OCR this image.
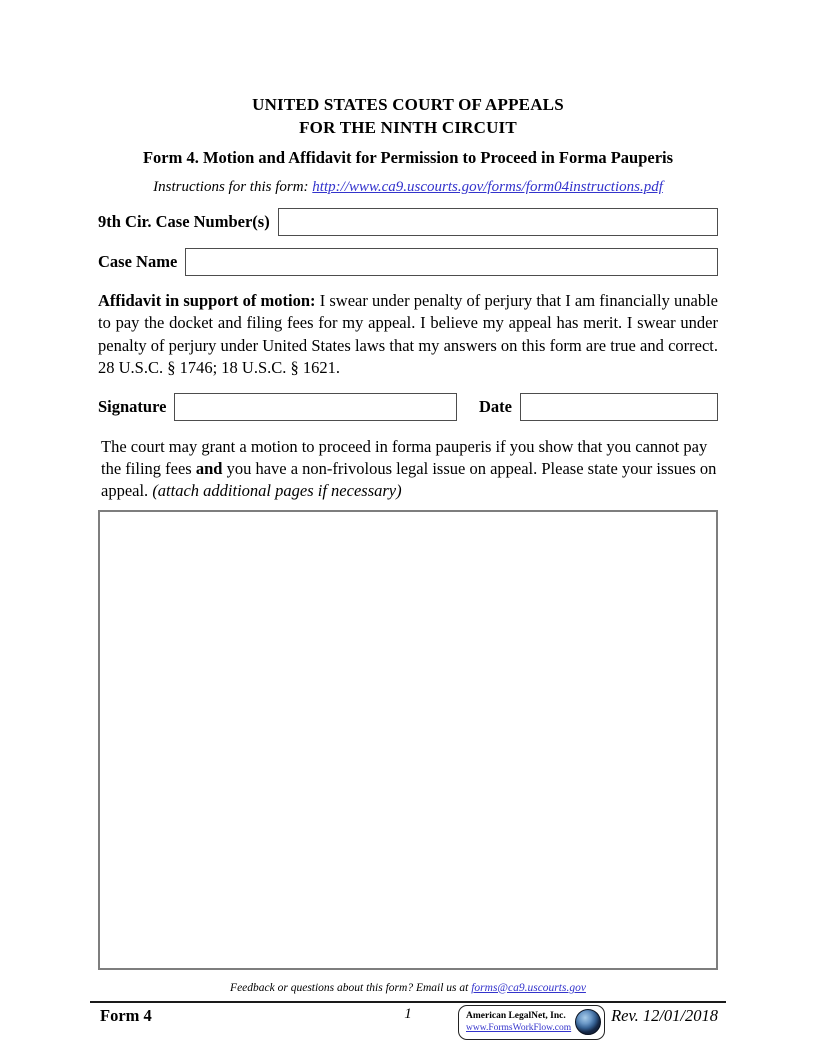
UNITED STATES COURT OF APPEALS
FOR THE NINTH CIRCUIT
Form 4. Motion and Affidavit for Permission to Proceed in Forma Pauperis
Instructions for this form: http://www.ca9.uscourts.gov/forms/form04instructions.pdf
9th Cir. Case Number(s)
Case Name

Affidavit in support of motion: I swear under penalty of perjury that I am financially unable to pay the docket and filing fees for my appeal. I believe my appeal has merit. I swear under penalty of perjury under United States laws that my answers on this form are true and correct. 28 U.S.C. § 1746; 18 U.S.C. § 1621.

Signature	Date

The court may grant a motion to proceed in forma pauperis if you show that you cannot pay the filing fees and you have a non-frivolous legal issue on appeal. Please state your issues on appeal. (attach additional pages if necessary)

Feedback or questions about this form? Email us at forms@ca9.uscourts.gov
Form 4	1	American LegalNet, Inc.
www.FormsWorkFlow.com
Rev. 12/01/2018
